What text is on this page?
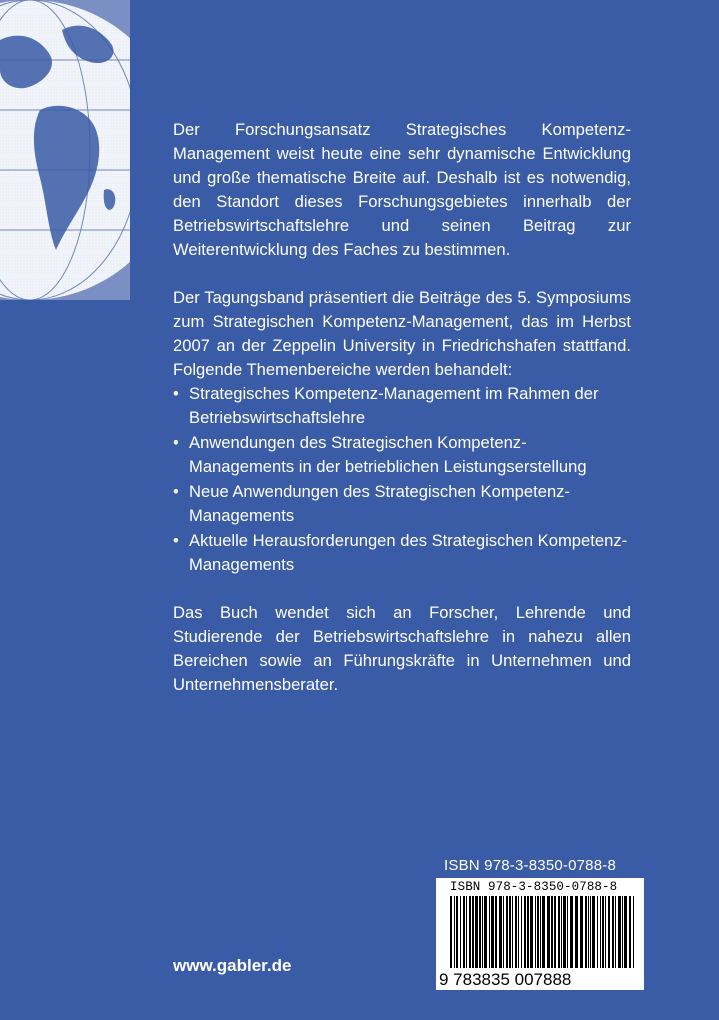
Der Forschungsansatz Strategisches Kompetenz-Management weist heute eine sehr dynamische Entwicklung und große thematische Breite auf. Deshalb ist es notwendig, den Standort dieses Forschungsgebietes innerhalb der Betriebswirtschaftslehre und seinen Beitrag zur Weiterentwicklung des Faches zu bestimmen.

Der Tagungsband präsentiert die Beiträge des 5. Symposiums zum Strategischen Kompetenz-Management, das im Herbst 2007 an der Zeppelin University in Friedrichshafen stattfand. Folgende Themenbereiche werden behandelt:

• Strategisches Kompetenz-Management im Rahmen der Betriebswirtschaftslehre
• Anwendungen des Strategischen Kompetenz-Managements in der betrieblichen Leistungserstellung
• Neue Anwendungen des Strategischen Kompetenz-Managements
• Aktuelle Herausforderungen des Strategischen Kompetenz-Managements

Das Buch wendet sich an Forscher, Lehrende und Studierende der Betriebswirtschaftslehre in nahezu allen Bereichen sowie an Führungskräfte in Unternehmen und Unternehmensberater.

ISBN 978-3-8350-0788-8
ISBN 978-3-8350-0788-8
9 783835 007888
www.gabler.de
